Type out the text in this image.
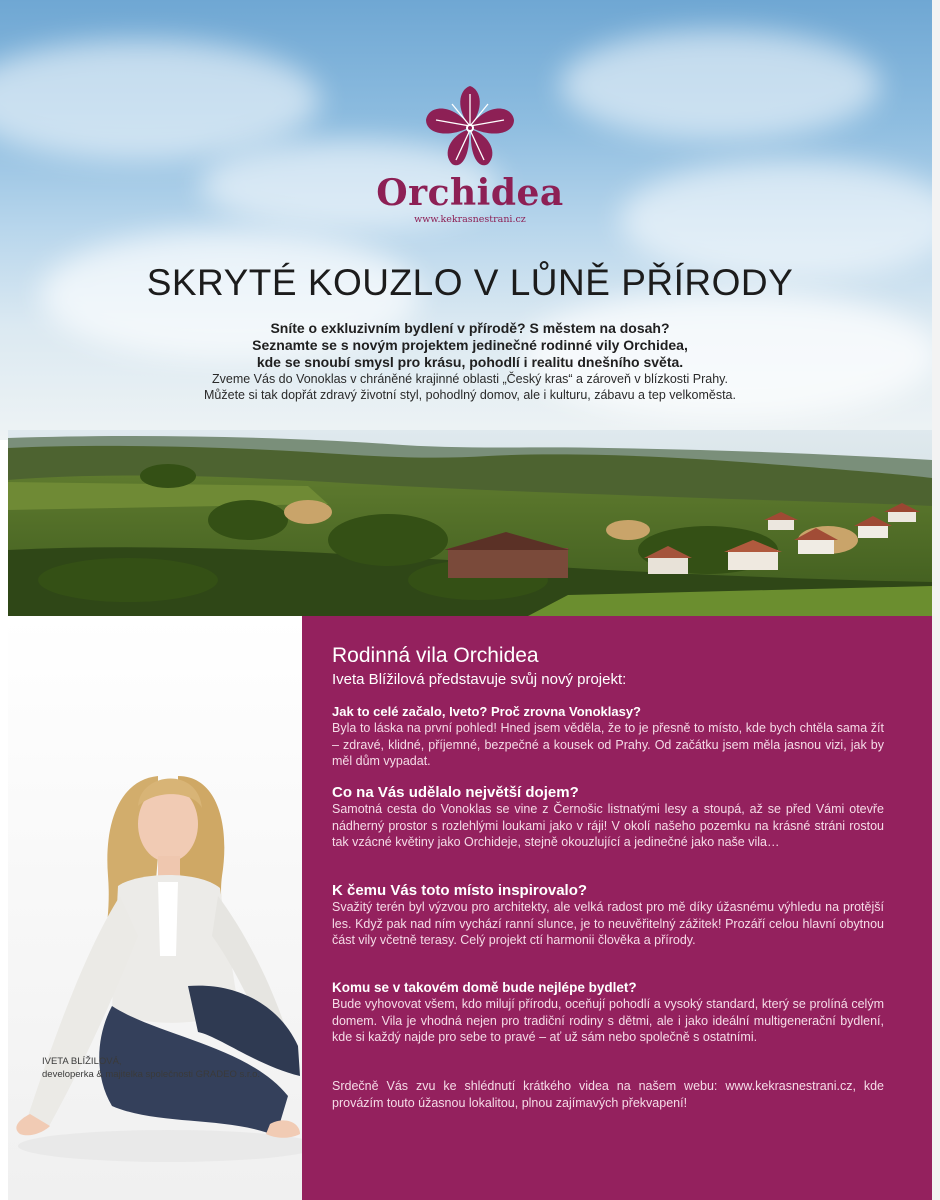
Orchidea
www.kekrasnestrani.cz
SKRYTÉ KOUZLO V LŮNĚ PŘÍRODY
Sníte o exkluzivním bydlení v přírodě? S městem na dosah?
Seznamte se s novým projektem jedinečné rodinné vily Orchidea,
kde se snoubí smysl pro krásu, pohodlí i realitu dnešního světa.
Zveme Vás do Vonoklas v chráněné krajinné oblasti „Český kras“ a zároveň v blízkosti Prahy.
Můžete si tak dopřát zdravý životní styl, pohodlný domov, ale i kulturu, zábavu a tep velkoměsta.
IVETA BLÍŽILOVÁ,
developerka & majitelka společnosti GRADEO s.r.o.
Rodinná vila Orchidea
Iveta Blížilová představuje svůj nový projekt:
Jak to celé začalo, Iveto? Proč zrovna Vonoklasy?
Byla to láska na první pohled! Hned jsem věděla, že to je přesně to místo, kde bych chtěla sama žít – zdravé, klidné, příjemné, bezpečné a kousek od Prahy. Od začátku jsem měla jasnou vizi, jak by měl dům vypadat.
Co na Vás udělalo největší dojem?
Samotná cesta do Vonoklas se vine z Černošic listnatými lesy a stoupá, až se před Vámi otevře nádherný prostor s rozlehlými loukami jako v ráji! V okolí našeho pozemku na krásné stráni rostou tak vzácné květiny jako Orchideje, stejně okouzlující a jedinečné jako naše vila…
K čemu Vás toto místo inspirovalo?
Svažitý terén byl výzvou pro architekty, ale velká radost pro mě díky úžasnému výhledu na protější les. Když pak nad ním vychází ranní slunce, je to neuvěřitelný zážitek! Prozáří celou hlavní obytnou část vily včetně terasy. Celý projekt ctí harmonii člověka a přírody.
Komu se v takovém domě bude nejlépe bydlet?
Bude vyhovovat všem, kdo milují přírodu, oceňují pohodlí a vysoký standard, který se prolíná celým domem. Vila je vhodná nejen pro tradiční rodiny s dětmi, ale i jako ideální multigenerační bydlení, kde si každý najde pro sebe to pravé – ať už sám nebo společně s ostatními.
Srdečně Vás zvu ke shlédnutí krátkého videa na našem webu: www.kekrasnestrani.cz, kde provázím touto úžasnou lokalitou, plnou zajímavých překvapení!
